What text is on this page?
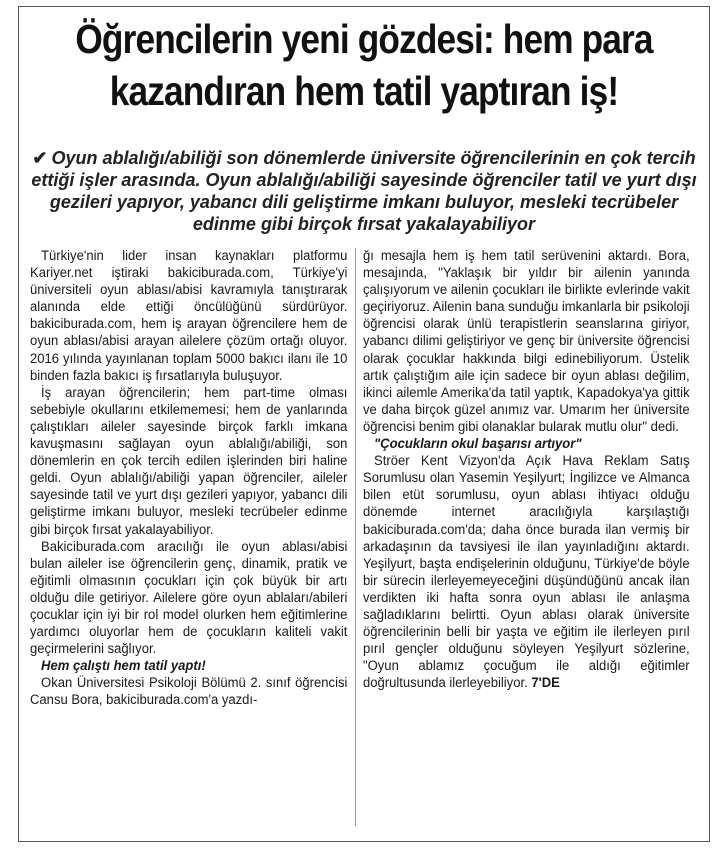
Öğrencilerin yeni gözdesi: hem para
kazandıran hem tatil yaptıran iş!
✔ Oyun ablalığı/abiliği son dönemlerde üniversite öğrencilerinin en çok tercih ettiği işler arasında. Oyun ablalığı/abiliği sayesinde öğrenciler tatil ve yurt dışı gezileri yapıyor, yabancı dili geliştirme imkanı buluyor, mesleki tecrübeler edinme gibi birçok fırsat yakalayabiliyor

Türkiye'nin lider insan kaynakları platformu Kariyer.net iştiraki bakiciburada.com, Türkiye'yi üniversiteli oyun ablası/abisi kavramıyla tanıştırarak alanında elde ettiği öncülüğünü sürdürüyor. bakiciburada.com, hem iş arayan öğrencilere hem de oyun ablası/abisi arayan ailelere çözüm ortağı oluyor. 2016 yılında yayınlanan toplam 5000 bakıcı ilanı ile 10 binden fazla bakıcı iş fırsatlarıyla buluşuyor.

İş arayan öğrencilerin; hem part-time olması sebebiyle okullarını etkilememesi; hem de yanlarında çalıştıkları aileler sayesinde birçok farklı imkana kavuşmasını sağlayan oyun ablalığı/abiliği, son dönemlerin en çok tercih edilen işlerinden biri haline geldi. Oyun ablalığı/abiliği yapan öğrenciler, aileler sayesinde tatil ve yurt dışı gezileri yapıyor, yabancı dili geliştirme imkanı buluyor, mesleki tecrübeler edinme gibi birçok fırsat yakalayabiliyor.

Bakiciburada.com aracılığı ile oyun ablası/abisi bulan aileler ise öğrencilerin genç, dinamik, pratik ve eğitimli olmasının çocukları için çok büyük bir artı olduğu dile getiriyor. Ailelere göre oyun ablaları/abileri çocuklar için iyi bir rol model olurken hem eğitimlerine yardımcı oluyorlar hem de çocukların kaliteli vakit geçirmelerini sağlıyor.

Hem çalıştı hem tatil yaptı!

Okan Üniversitesi Psikoloji Bölümü 2. sınıf öğrencisi Cansu Bora, bakiciburada.com'a yazdı-

ğı mesajla hem iş hem tatil serüvenini aktardı. Bora, mesajında, "Yaklaşık bir yıldır bir ailenin yanında çalışıyorum ve ailenin çocukları ile birlikte evlerinde vakit geçiriyoruz. Ailenin bana sunduğu imkanlarla bir psikoloji öğrencisi olarak ünlü terapistlerin seanslarına giriyor, yabancı dilimi geliştiriyor ve genç bir üniversite öğrencisi olarak çocuklar hakkında bilgi edinebiliyorum. Üstelik artık çalıştığım aile için sadece bir oyun ablası değilim, ikinci ailemle Amerika'da tatil yaptık, Kapadokya'ya gittik ve daha birçok güzel anımız var. Umarım her üniversite öğrencisi benim gibi olanaklar bularak mutlu olur" dedi.

"Çocukların okul başarısı artıyor"

Ströer Kent Vizyon'da Açık Hava Reklam Satış Sorumlusu olan Yasemin Yeşilyurt; İngilizce ve Almanca bilen etüt sorumlusu, oyun ablası ihtiyacı olduğu dönemde internet aracılığıyla karşılaştığı bakiciburada.com'da; daha önce burada ilan vermiş bir arkadaşının da tavsiyesi ile ilan yayınladığını aktardı. Yeşilyurt, başta endişelerinin olduğunu, Türkiye'de böyle bir sürecin ilerleyemeyeceğini düşündüğünü ancak ilan verdikten iki hafta sonra oyun ablası ile anlaşma sağladıklarını belirtti. Oyun ablası olarak üniversite öğrencilerinin belli bir yaşta ve eğitim ile ilerleyen pırıl pırıl gençler olduğunu söyleyen Yeşilyurt sözlerine, "Oyun ablamız çocuğum ile aldığı eğitimler doğrultusunda ilerleyebiliyor. 7'DE
